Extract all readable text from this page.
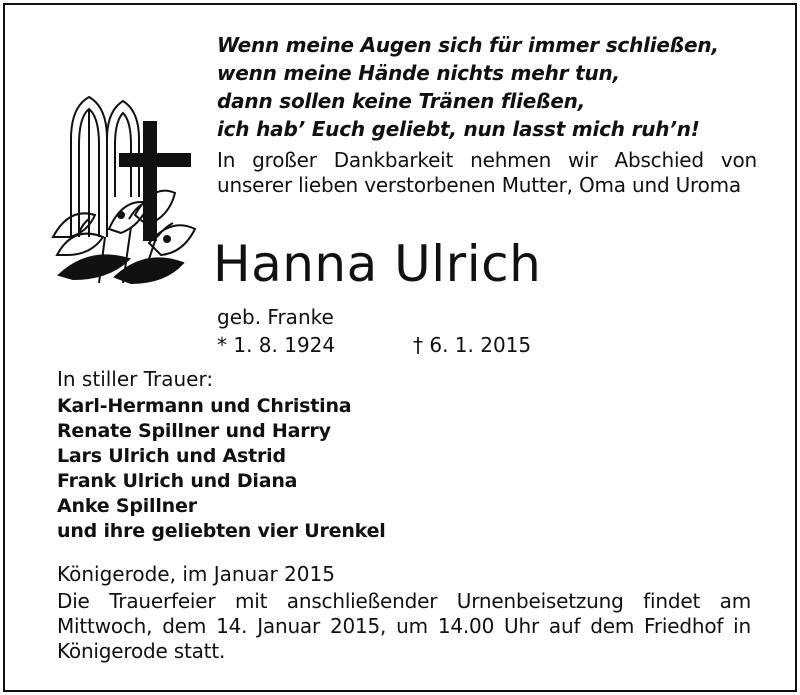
Wenn meine Augen sich für immer schließen,
wenn meine Hände nichts mehr tun,
dann sollen keine Tränen fließen,
ich hab’ Euch geliebt, nun lasst mich ruh’n!
In großer Dankbarkeit nehmen wir Abschied von unserer lieben verstorbenen Mutter, Oma und Uroma
Hanna Ulrich
geb. Franke
* 1. 8. 1924	† 6. 1. 2015
In stiller Trauer:
Karl-Hermann und Christina
Renate Spillner und Harry
Lars Ulrich und Astrid
Frank Ulrich und Diana
Anke Spillner
und ihre geliebten vier Urenkel
Königerode, im Januar 2015
Die Trauerfeier mit anschließender Urnenbeisetzung findet am Mittwoch, dem 14. Januar 2015, um 14.00 Uhr auf dem Friedhof in Königerode statt.
